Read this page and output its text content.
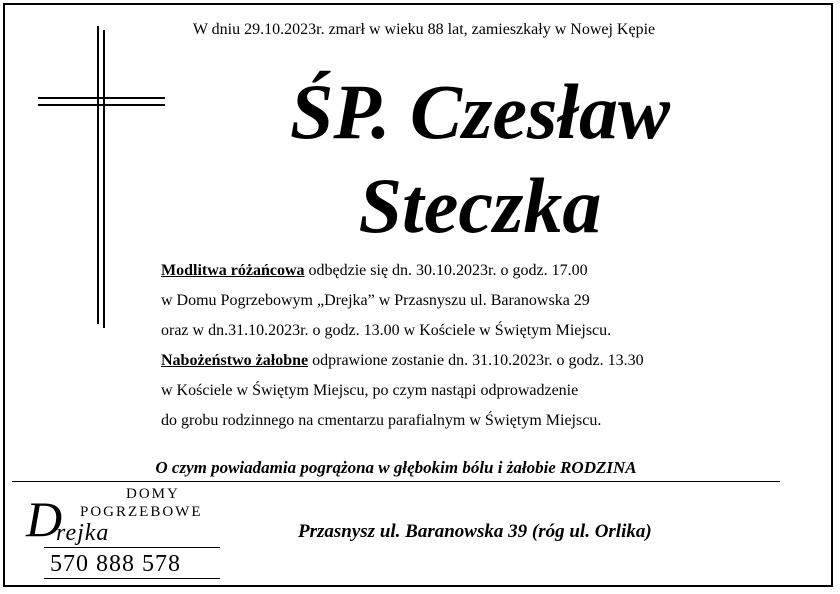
W dniu 29.10.2023r. zmarł w wieku 88 lat, zamieszkały w Nowej Kępie
ŚP. Czesław
Steczka

Modlitwa różańcowa odbędzie się dn. 30.10.2023r. o godz. 17.00

w Domu Pogrzebowym „Drejka” w Przasnyszu ul. Baranowska 29

oraz w dn.31.10.2023r. o godz. 13.00 w Kościele w Świętym Miejscu.

Nabożeństwo żałobne odprawione zostanie dn. 31.10.2023r. o godz. 13.30

w Kościele w Świętym Miejscu, po czym nastąpi odprowadzenie

do grobu rodzinnego na cmentarzu parafialnym w Świętym Miejscu.

O czym powiadamia pogrążona w głębokim bólu i żałobie RODZINA
DOMY
POGRZEBOWE
D
rejka
570 888 578
Przasnysz ul. Baranowska 39 (róg ul. Orlika)
